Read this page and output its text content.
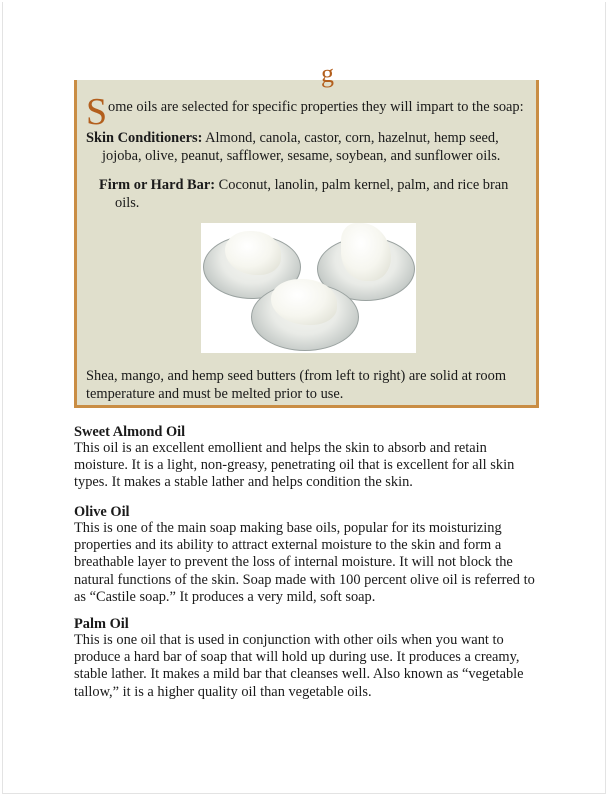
g
S ome oils are selected for specific properties they will impart to the soap:
Skin Conditioners: Almond, canola, castor, corn, hazelnut, hemp seed, jojoba, olive, peanut, safflower, sesame, soybean, and sunflower oils.
Firm or Hard Bar: Coconut, lanolin, palm kernel, palm, and rice bran oils.
Shea, mango, and hemp seed butters (from left to right) are solid at room temperature and must be melted prior to use.
Sweet Almond Oil
This oil is an excellent emollient and helps the skin to absorb and retain moisture. It is a light, non-greasy, penetrating oil that is excellent for all skin types. It makes a stable lather and helps condition the skin.
Olive Oil
This is one of the main soap making base oils, popular for its moisturizing properties and its ability to attract external moisture to the skin and form a breathable layer to prevent the loss of internal moisture. It will not block the natural functions of the skin. Soap made with 100 percent olive oil is referred to as “Castile soap.” It produces a very mild, soft soap.
Palm Oil
This is one oil that is used in conjunction with other oils when you want to produce a hard bar of soap that will hold up during use. It produces a creamy, stable lather. It makes a mild bar that cleanses well. Also known as “vegetable tallow,” it is a higher quality oil than vegetable oils.
